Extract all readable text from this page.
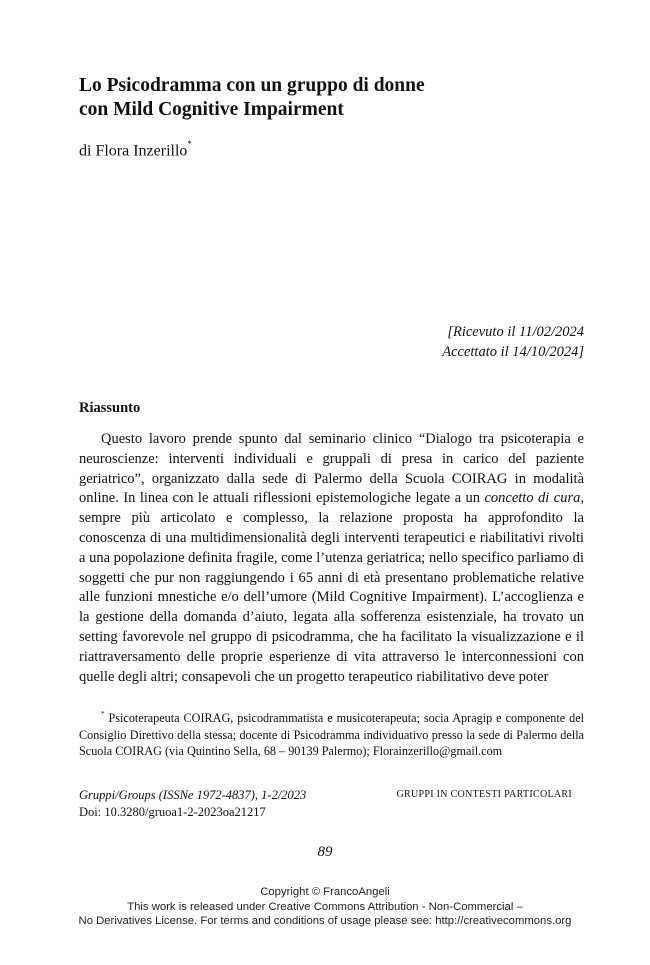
Lo Psicodramma con un gruppo di donne
con Mild Cognitive Impairment
di Flora Inzerillo*
[Ricevuto il 11/02/2024
Accettato il 14/10/2024]
Riassunto

Questo lavoro prende spunto dal seminario clinico “Dialogo tra psicoterapia e neuroscienze: interventi individuali e gruppali di presa in carico del paziente geriatrico”, organizzato dalla sede di Palermo della Scuola COIRAG in modalità online. In linea con le attuali riflessioni epistemologiche legate a un concetto di cura, sempre più articolato e complesso, la relazione proposta ha approfondito la conoscenza di una multidimensionalità degli interventi terapeutici e riabilitativi rivolti a una popolazione definita fragile, come l’utenza geriatrica; nello specifico parliamo di soggetti che pur non raggiungendo i 65 anni di età presentano problematiche relative alle funzioni mnestiche e/o dell’umore (Mild Cognitive Impairment). L’accoglienza e la gestione della domanda d’aiuto, legata alla sofferenza esistenziale, ha trovato un setting favorevole nel gruppo di psicodramma, che ha facilitato la visualizzazione e il riattraversamento delle proprie esperienze di vita attraverso le interconnessioni con quelle degli altri; consapevoli che un progetto terapeutico riabilitativo deve poter

* Psicoterapeuta COIRAG, psicodrammatista e musicoterapeuta; socia Apragip e componente del Consiglio Direttivo della stessa; docente di Psicodramma individuativo presso la sede di Palermo della Scuola COIRAG (via Quintino Sella, 68 – 90139 Palermo); Florainzerillo@gmail.com

Gruppi/Groups (ISSNe 1972-4837), 1-2/2023
Doi: 10.3280/gruoa1-2-2023oa21217
GRUPPI IN CONTESTI PARTICOLARI
89
Copyright © FrancoAngeli
This work is released under Creative Commons Attribution - Non-Commercial –
No Derivatives License. For terms and conditions of usage please see: http://creativecommons.org
